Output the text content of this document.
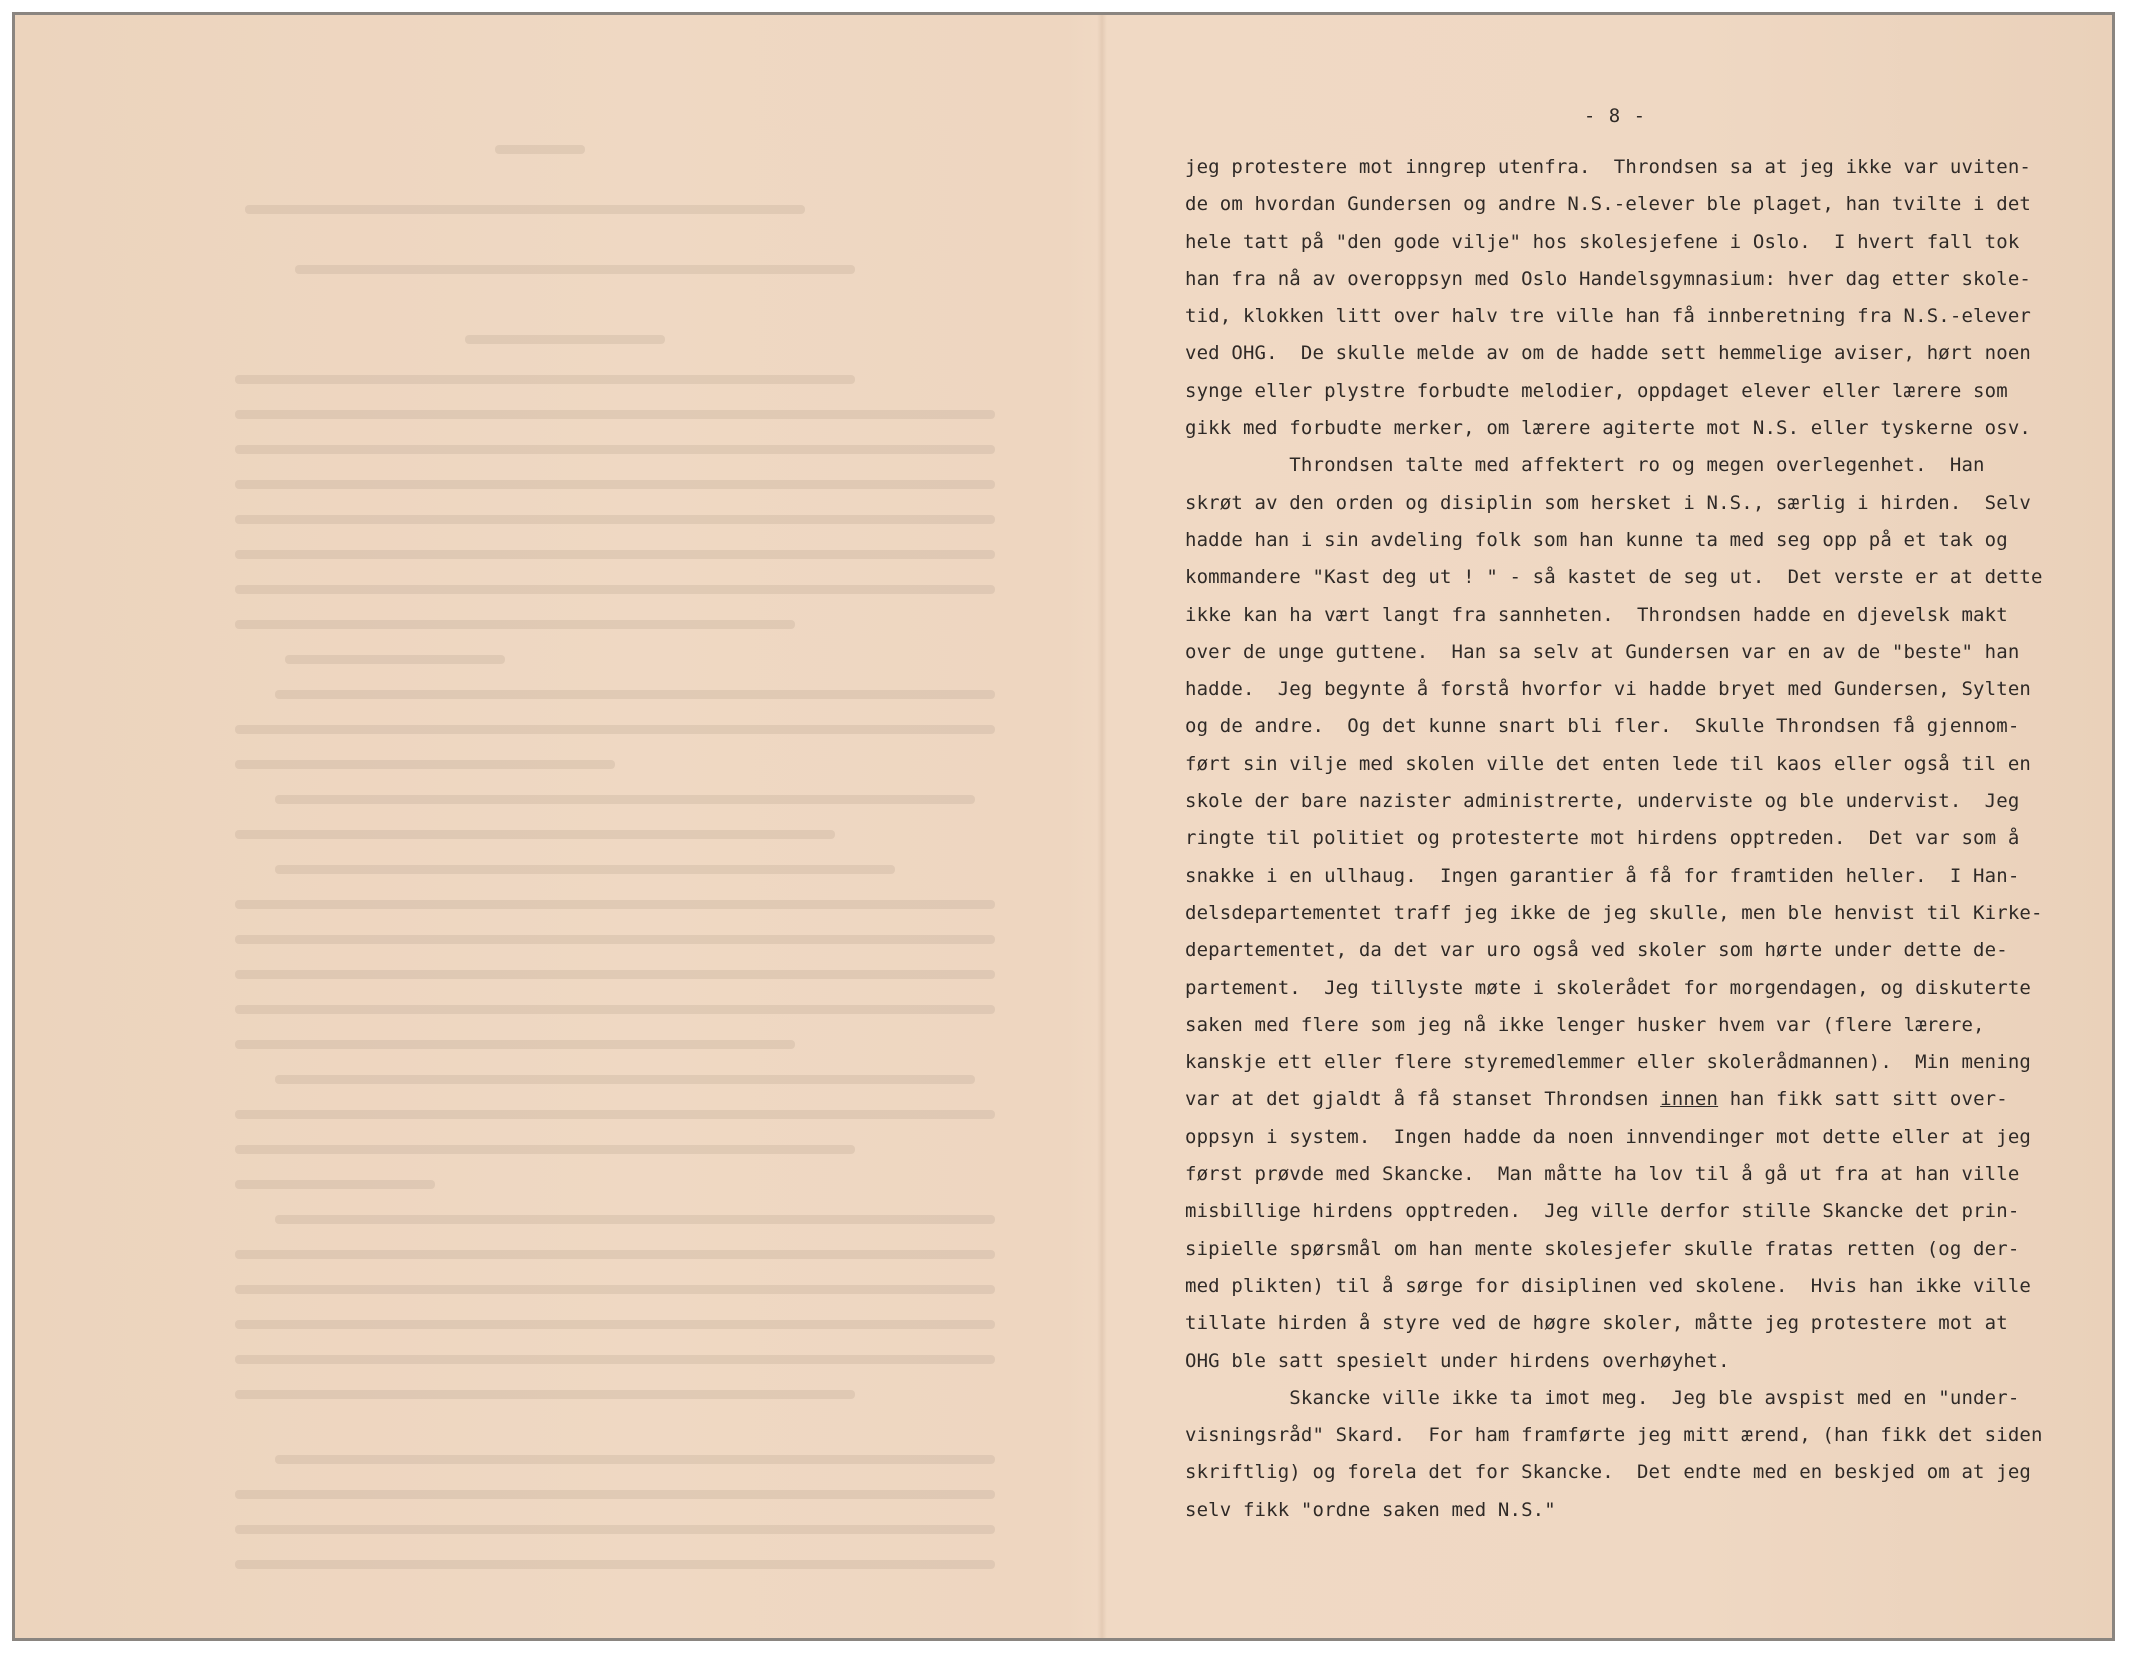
- 8 -
jeg protestere mot inngrep utenfra.  Throndsen sa at jeg ikke var uviten-
de om hvordan Gundersen og andre N.S.-elever ble plaget, han tvilte i det
hele tatt på "den gode vilje" hos skolesjefene i Oslo.  I hvert fall tok
han fra nå av overoppsyn med Oslo Handelsgymnasium: hver dag etter skole-
tid, klokken litt over halv tre ville han få innberetning fra N.S.-elever
ved OHG.  De skulle melde av om de hadde sett hemmelige aviser, hørt noen
synge eller plystre forbudte melodier, oppdaget elever eller lærere som
gikk med forbudte merker, om lærere agiterte mot N.S. eller tyskerne osv.
Throndsen talte med affektert ro og megen overlegenhet.  Han
skrøt av den orden og disiplin som hersket i N.S., særlig i hirden.  Selv
hadde han i sin avdeling folk som han kunne ta med seg opp på et tak og
kommandere "Kast deg ut ! " - så kastet de seg ut.  Det verste er at dette
ikke kan ha vært langt fra sannheten.  Throndsen hadde en djevelsk makt
over de unge guttene.  Han sa selv at Gundersen var en av de "beste" han
hadde.  Jeg begynte å forstå hvorfor vi hadde bryet med Gundersen, Sylten
og de andre.  Og det kunne snart bli fler.  Skulle Throndsen få gjennom-
ført sin vilje med skolen ville det enten lede til kaos eller også til en
skole der bare nazister administrerte, underviste og ble undervist.  Jeg
ringte til politiet og protesterte mot hirdens opptreden.  Det var som å
snakke i en ullhaug.  Ingen garantier å få for framtiden heller.  I Han-
delsdepartementet traff jeg ikke de jeg skulle, men ble henvist til Kirke-
departementet, da det var uro også ved skoler som hørte under dette de-
partement.  Jeg tillyste møte i skolerådet for morgendagen, og diskuterte
saken med flere som jeg nå ikke lenger husker hvem var (flere lærere,
kanskje ett eller flere styremedlemmer eller skolerådmannen).  Min mening
var at det gjaldt å få stanset Throndsen innen han fikk satt sitt over-
oppsyn i system.  Ingen hadde da noen innvendinger mot dette eller at jeg
først prøvde med Skancke.  Man måtte ha lov til å gå ut fra at han ville
misbillige hirdens opptreden.  Jeg ville derfor stille Skancke det prin-
sipielle spørsmål om han mente skolesjefer skulle fratas retten (og der-
med plikten) til å sørge for disiplinen ved skolene.  Hvis han ikke ville
tillate hirden å styre ved de høgre skoler, måtte jeg protestere mot at
OHG ble satt spesielt under hirdens overhøyhet.
Skancke ville ikke ta imot meg.  Jeg ble avspist med en "under-
visningsråd" Skard.  For ham framførte jeg mitt ærend, (han fikk det siden
skriftlig) og forela det for Skancke.  Det endte med en beskjed om at jeg
selv fikk "ordne saken med N.S."
